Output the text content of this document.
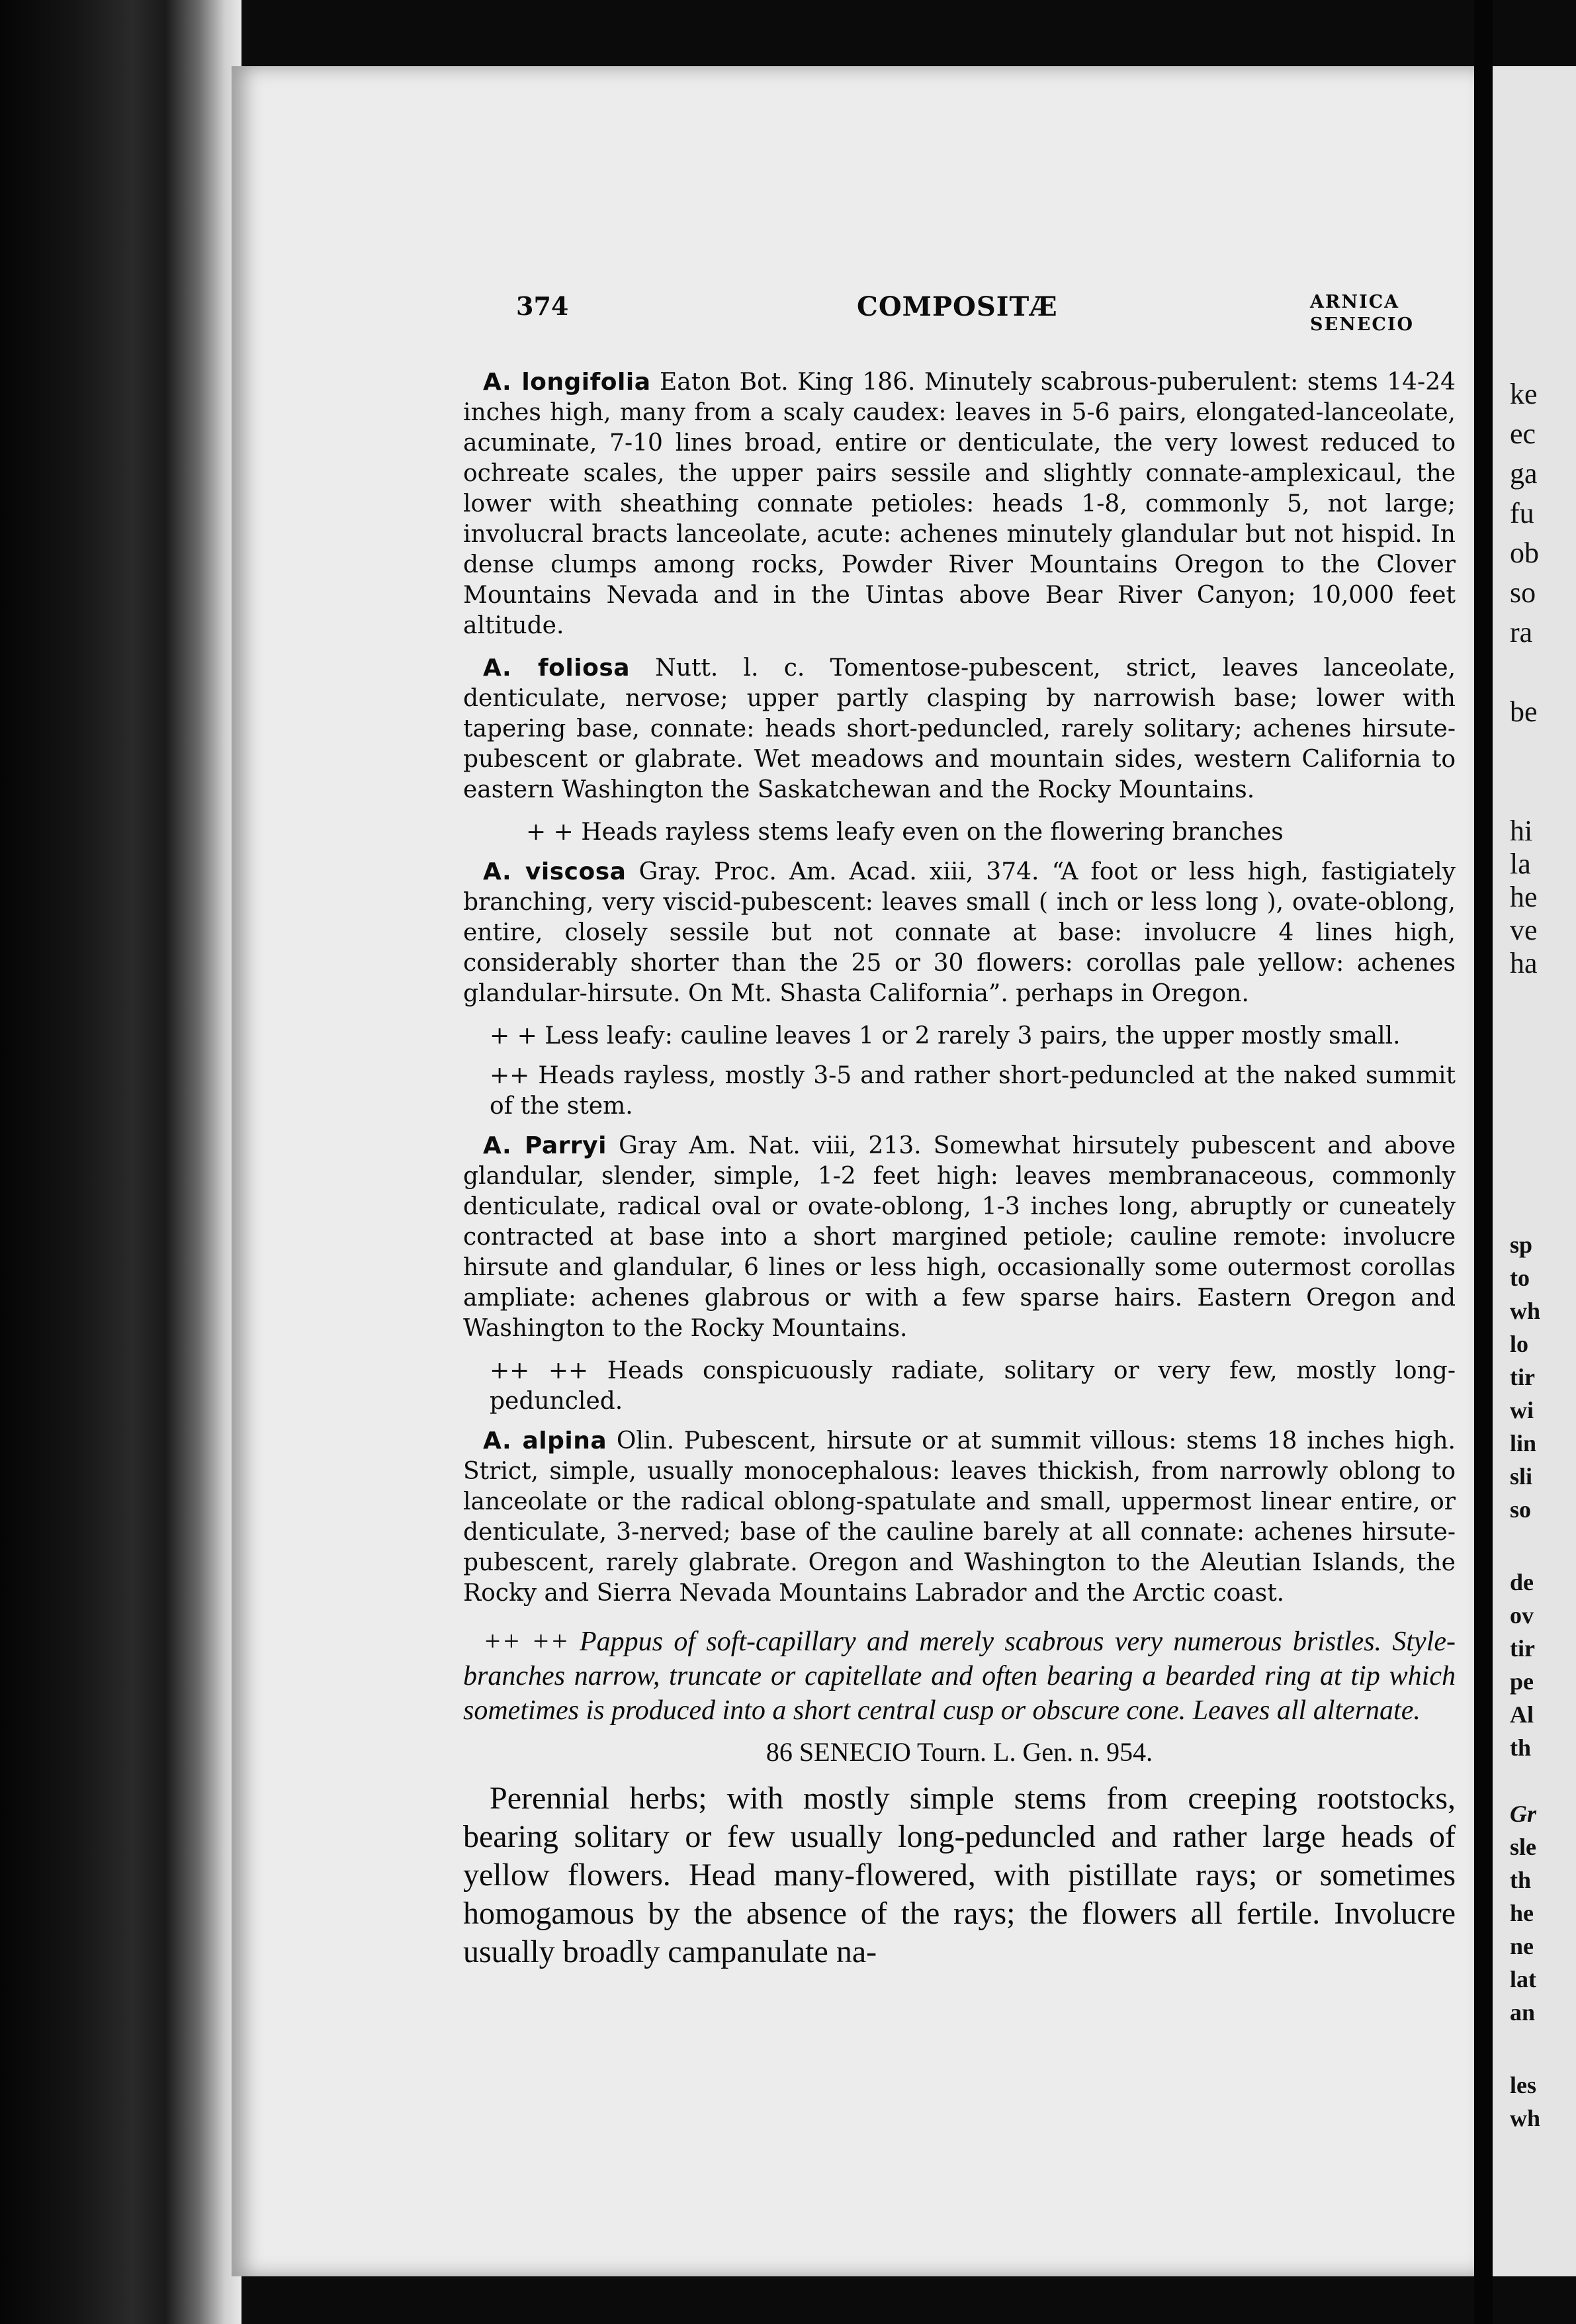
ke
ec
ga
fu
ob
so
ra
be
hi
la
he
ve
ha
sp
to
wh
lo
tir
wi
lin
sli
so
de
ov
tir
pe
Al
th
Gr
sle
th
he
ne
lat
an
les
wh
374	COMPOSITÆ	ARNICA
SENECIO

A. longifolia Eaton Bot. King 186. Minutely scabrous-puberulent: stems 14-24 inches high, many from a scaly caudex: leaves in 5-6 pairs, elongated-lanceolate, acuminate, 7-10 lines broad, entire or denticulate, the very lowest reduced to ochreate scales, the upper pairs sessile and slightly connate-amplexicaul, the lower with sheathing connate petioles: heads 1-8, commonly 5, not large; involucral bracts lanceolate, acute: achenes minutely glandular but not hispid. In dense clumps among rocks, Powder River Mountains Oregon to the Clover Mountains Nevada and in the Uintas above Bear River Canyon; 10,000 feet altitude.

A. foliosa Nutt. l. c. Tomentose-pubescent, strict, leaves lanceolate, denticulate, nervose; upper partly clasping by narrowish base; lower with tapering base, connate: heads short-peduncled, rarely solitary; achenes hirsute-pubescent or glabrate. Wet meadows and mountain sides, western California to eastern Washington the Saskatchewan and the Rocky Mountains.

+ + Heads rayless stems leafy even on the flowering branches

A. viscosa Gray. Proc. Am. Acad. xiii, 374. “A foot or less high, fastigiately branching, very viscid-pubescent: leaves small ( inch or less long ), ovate-oblong, entire, closely sessile but not connate at base: involucre 4 lines high, considerably shorter than the 25 or 30 flowers: corollas pale yellow: achenes glandular-hirsute. On Mt. Shasta California”. perhaps in Oregon.

+ + Less leafy: cauline leaves 1 or 2 rarely 3 pairs, the upper mostly small.

++ Heads rayless, mostly 3-5 and rather short-peduncled at the naked summit of the stem.

A. Parryi Gray Am. Nat. viii, 213. Somewhat hirsutely pubescent and above glandular, slender, simple, 1-2 feet high: leaves membranaceous, commonly denticulate, radical oval or ovate-oblong, 1-3 inches long, abruptly or cuneately contracted at base into a short margined petiole; cauline remote: involucre hirsute and glandular, 6 lines or less high, occasionally some outermost corollas ampliate: achenes glabrous or with a few sparse hairs. Eastern Oregon and Washington to the Rocky Mountains.

++ ++ Heads conspicuously radiate, solitary or very few, mostly long-peduncled.

A. alpina Olin. Pubescent, hirsute or at summit villous: stems 18 inches high. Strict, simple, usually monocephalous: leaves thickish, from narrowly oblong to lanceolate or the radical oblong-spatulate and small, uppermost linear entire, or denticulate, 3-nerved; base of the cauline barely at all connate: achenes hirsute-pubescent, rarely glabrate. Oregon and Washington to the Aleutian Islands, the Rocky and Sierra Nevada Mountains Labrador and the Arctic coast.

++ ++ Pappus of soft-capillary and merely scabrous very numerous bristles. Style-branches narrow, truncate or capitellate and often bearing a bearded ring at tip which sometimes is produced into a short central cusp or obscure cone. Leaves all alternate.

86 SENECIO Tourn. L. Gen. n. 954.

Perennial herbs; with mostly simple stems from creeping rootstocks, bearing solitary or few usually long-peduncled and rather large heads of yellow flowers. Head many-flowered, with pistillate rays; or sometimes homogamous by the absence of the rays; the flowers all fertile. Involucre usually broadly campanulate na-
